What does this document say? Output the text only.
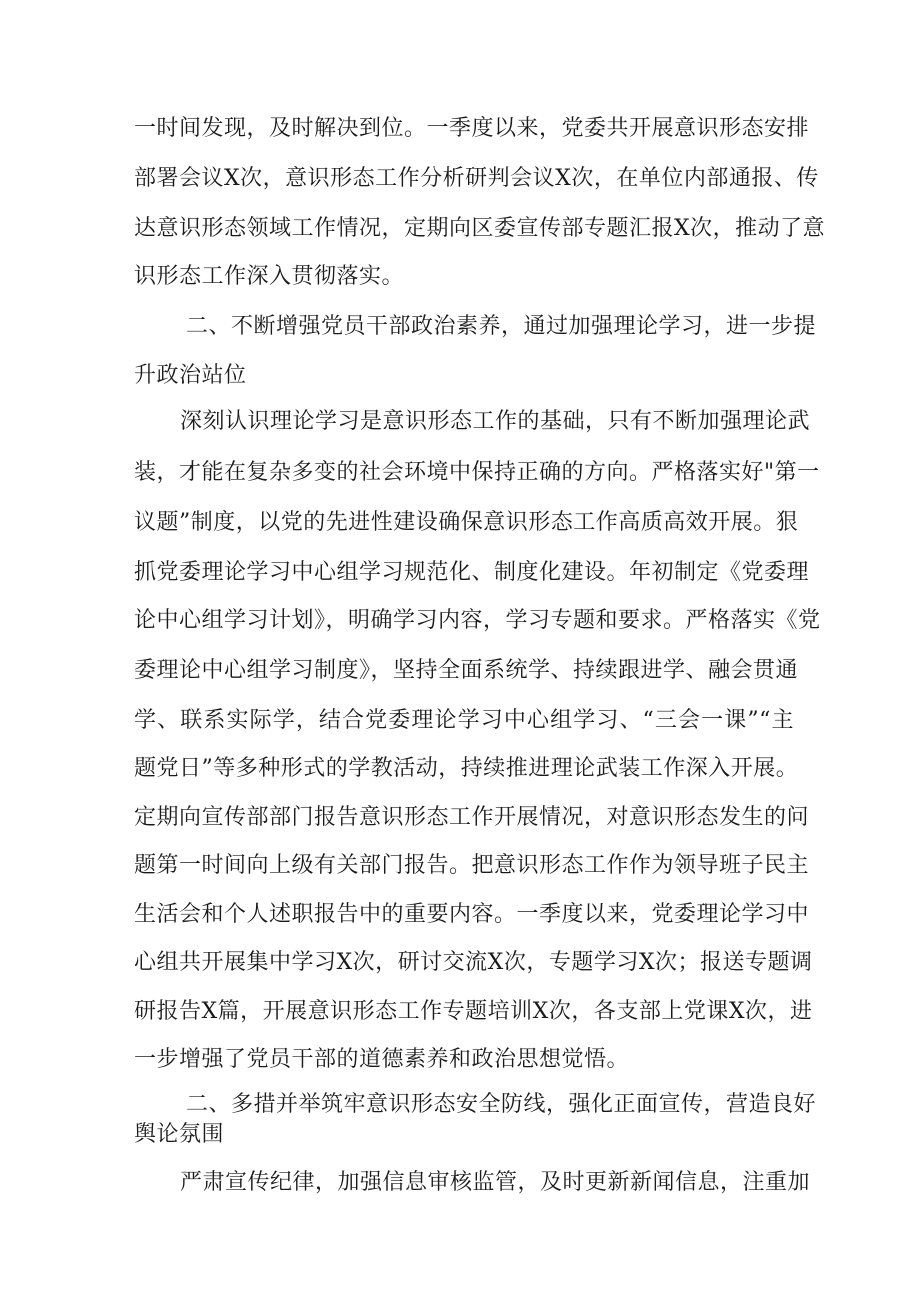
一时间发现，及时解决到位。一季度以来，党委共开展意识形态安排
部署会议X次，意识形态工作分析研判会议X次，在单位内部通报、传
达意识形态领域工作情况，定期向区委宣传部专题汇报X次，推动了意
识形态工作深入贯彻落实。
二、不断增强党员干部政治素养，通过加强理论学习，进一步提
升政治站位
深刻认识理论学习是意识形态工作的基础，只有不断加强理论武
装，才能在复杂多变的社会环境中保持正确的方向。严格落实好"第一
议题”制度，以党的先进性建设确保意识形态工作高质高效开展。狠
抓党委理论学习中心组学习规范化、制度化建设。年初制定《党委理
论中心组学习计划》，明确学习内容，学习专题和要求。严格落实《党
委理论中心组学习制度》，坚持全面系统学、持续跟进学、融会贯通
学、联系实际学，结合党委理论学习中心组学习、“三会一课”“主
题党日”等多种形式的学教活动，持续推进理论武装工作深入开展。
定期向宣传部部门报告意识形态工作开展情况，对意识形态发生的问
题第一时间向上级有关部门报告。把意识形态工作作为领导班子民主
生活会和个人述职报告中的重要内容。一季度以来，党委理论学习中
心组共开展集中学习X次，研讨交流X次，专题学习X次；报送专题调
研报告X篇，开展意识形态工作专题培训X次，各支部上党课X次，进
一步增强了党员干部的道德素养和政治思想觉悟。
二、多措并举筑牢意识形态安全防线，强化正面宣传，营造良好
舆论氛围
严肃宣传纪律，加强信息审核监管，及时更新新闻信息，注重加
